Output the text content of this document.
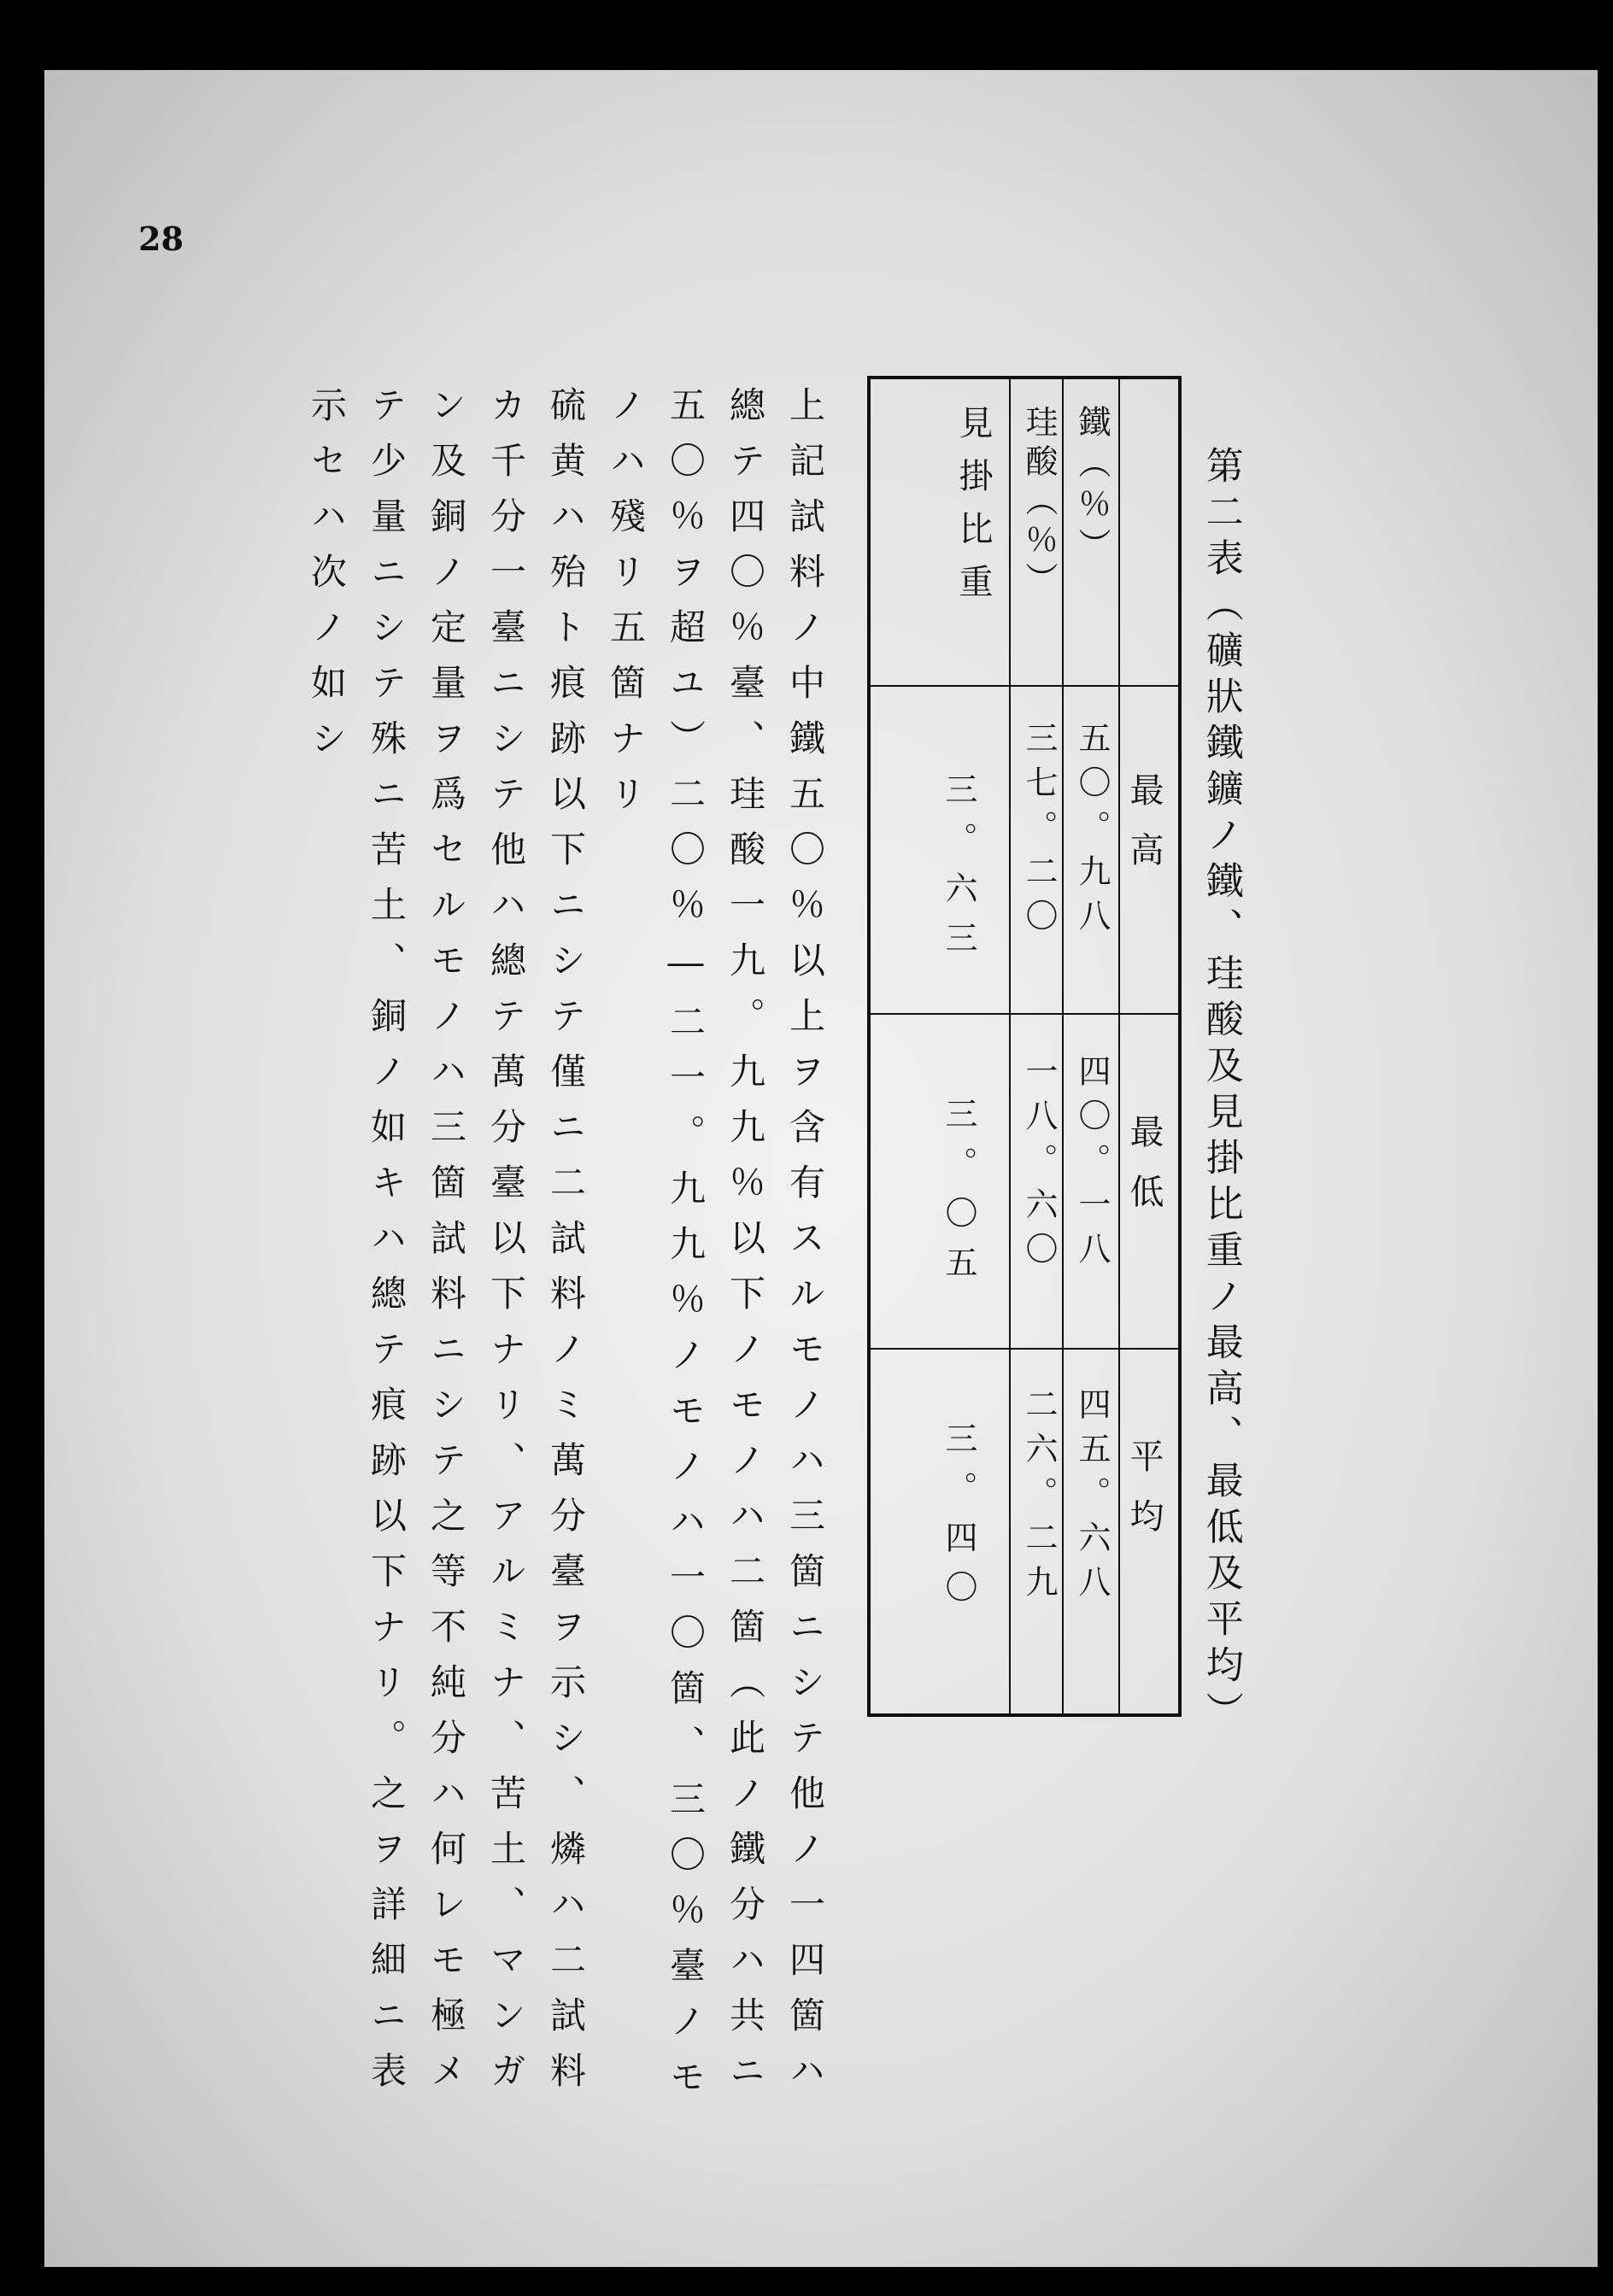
28
第二表（礦狀鐵鑛ノ鐵、珪酸及見掛比重ノ最高、最低及平均）
最高
最低
平均
鐵（％）
珪酸（％）
見掛比重
五〇。九八
四〇。一八
四五。六八
三七。二〇
一八。六〇
二六。二九
三。六三
三。〇五
三。四〇
上記試料ノ中鐵五〇％以上ヲ含有スルモノハ三箇ニシテ他ノ一四箇ハ
總テ四〇％臺、珪酸一九。九九％以下ノモノハ二箇（此ノ鐵分ハ共ニ
五〇％ヲ超ユ）二〇％―二一。九九％ノモノハ一〇箇、三〇％臺ノモ
ノハ殘リ五箇ナリ
硫黄ハ殆ト痕跡以下ニシテ僅ニ二試料ノミ萬分臺ヲ示シ、燐ハ二試料
カ千分一臺ニシテ他ハ總テ萬分臺以下ナリ、アルミナ、苦土、マンガ
ン及銅ノ定量ヲ爲セルモノハ三箇試料ニシテ之等不純分ハ何レモ極メ
テ少量ニシテ殊ニ苦土、銅ノ如キハ總テ痕跡以下ナリ。之ヲ詳細ニ表
示セハ次ノ如シ
